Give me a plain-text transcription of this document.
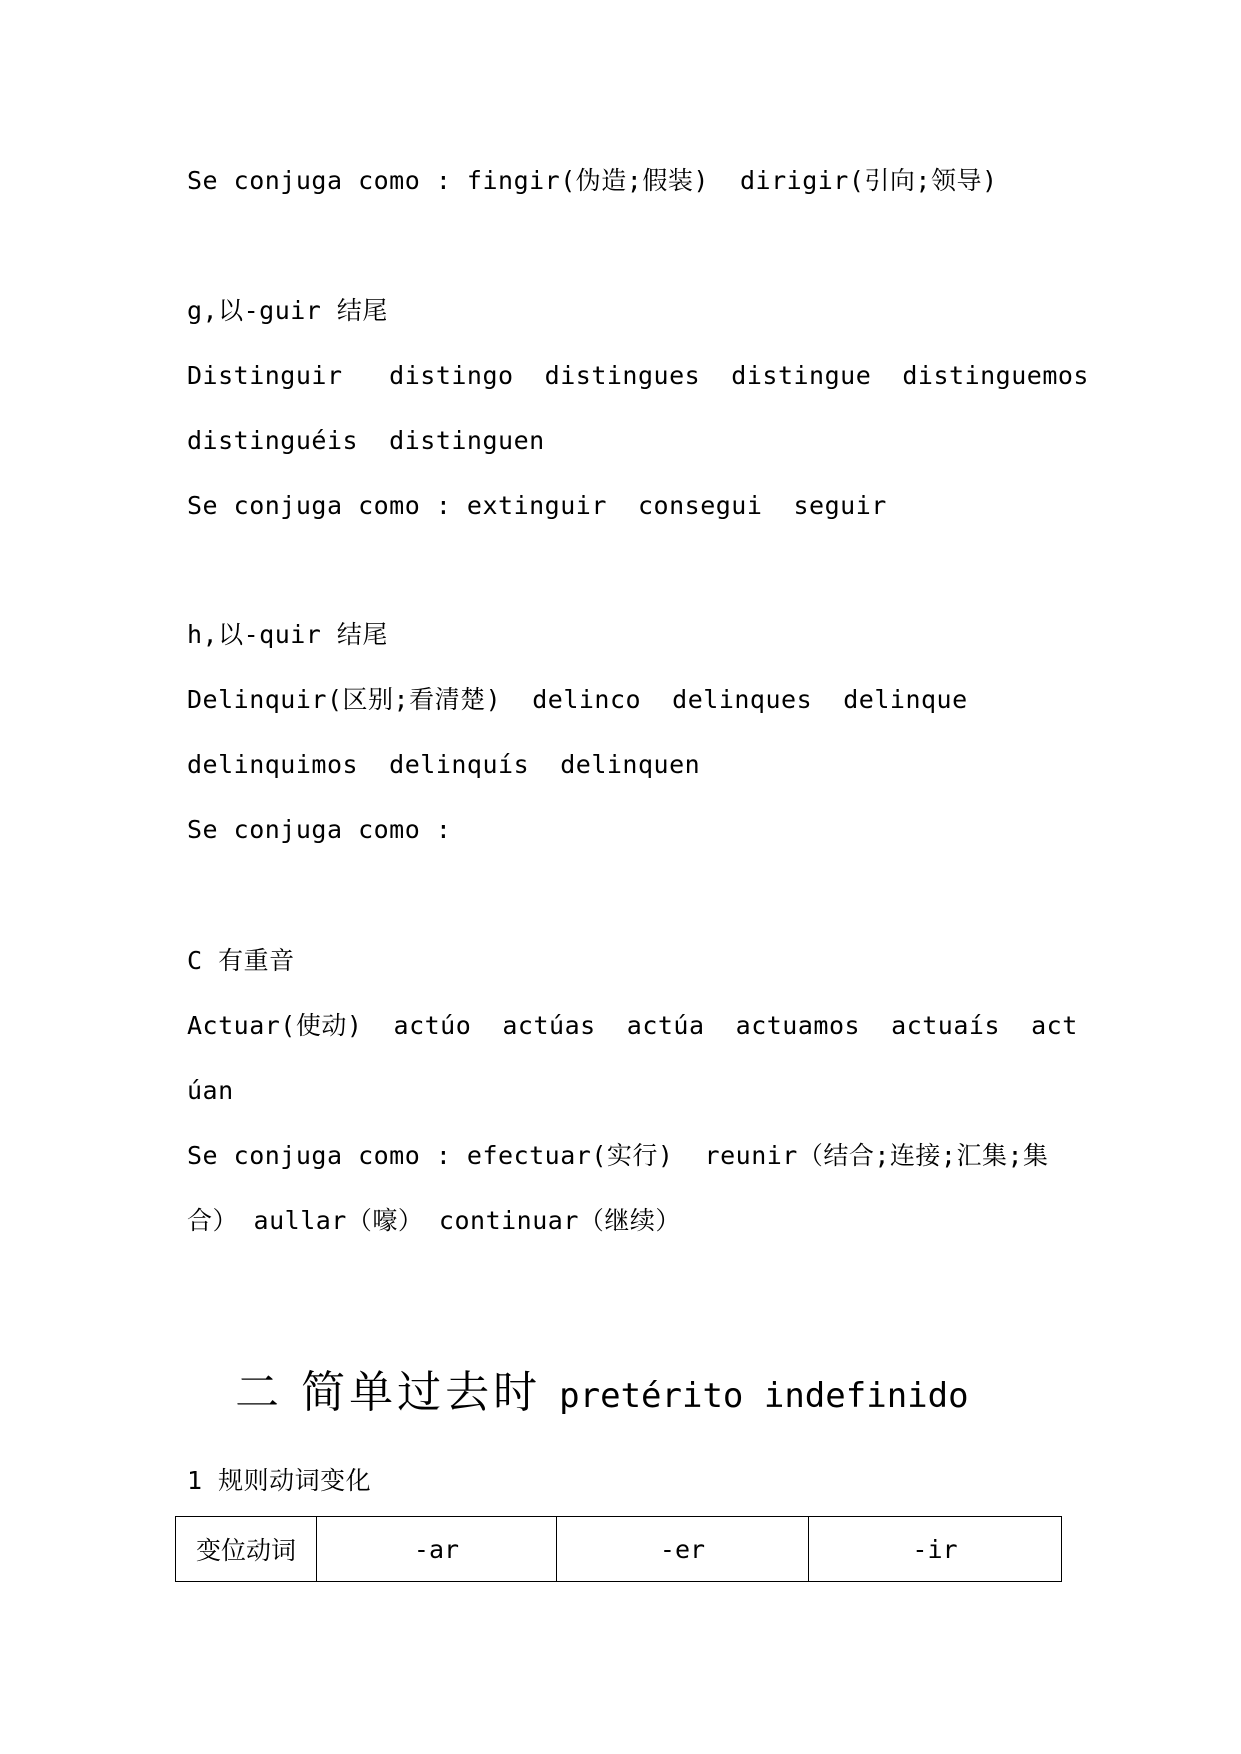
Se conjuga como : fingir(伪造;假装)  dirigir(引向;领导)
g,以-guir 结尾
Distinguir   distingo  distingues  distingue  distinguemos
distinguéis  distinguen
Se conjuga como : extinguir  consegui  seguir
h,以-quir 结尾
Delinquir(区别;看清楚)  delinco  delinques  delinque
delinquimos  delinquís  delinquen
Se conjuga como :
C 有重音
Actuar(使动)  actúo  actúas  actúa  actuamos  actuaís  act
úan
Se conjuga como : efectuar(实行)  reunir（结合;连接;汇集;集
合） aullar（嚎） continuar（继续）

二 简单过去时 pretérito indefinido

1 规则动词变化
变位动词	-ar	-er	-ir
